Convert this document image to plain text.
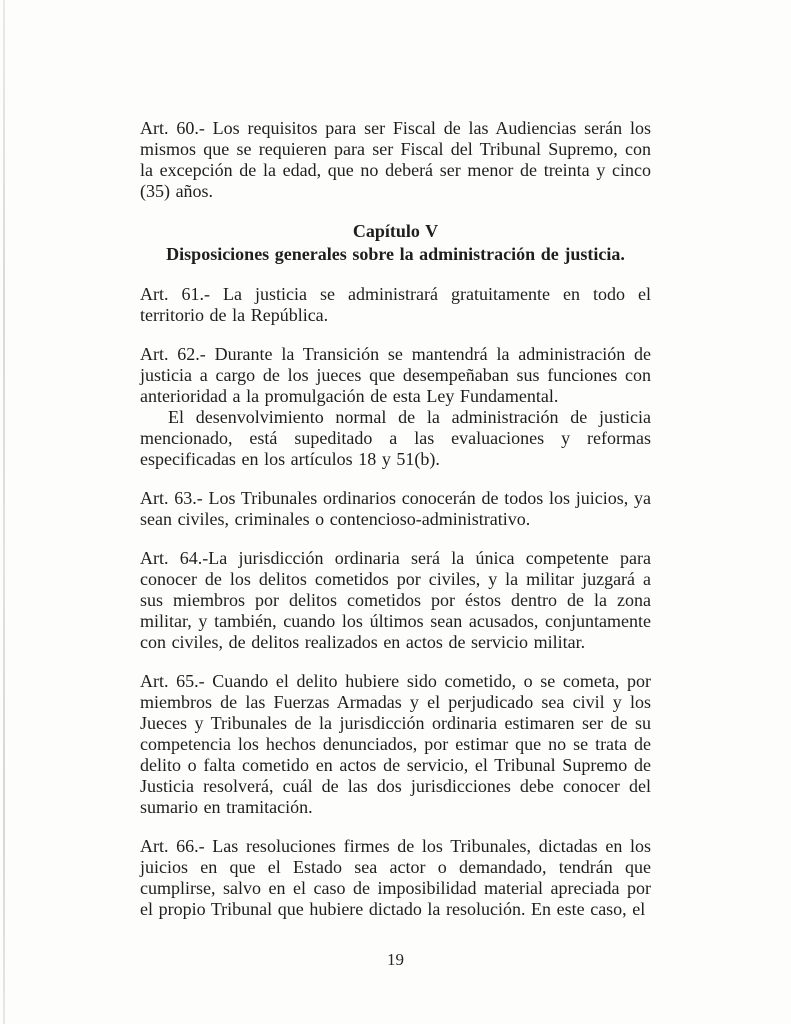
Art. 60.- Los requisitos para ser Fiscal de las Audiencias serán los mismos que se requieren para ser Fiscal del Tribunal Supremo, con la excepción de la edad, que no deberá ser menor de treinta y cinco (35) años.

Capítulo V
Disposiciones generales sobre la administración de justicia.

Art. 61.- La justicia se administrará gratuitamente en todo el territorio de la República.

Art. 62.- Durante la Transición se mantendrá la administración de justicia a cargo de los jueces que desempeñaban sus funciones con anterioridad a la promulgación de esta Ley Fundamental.

El desenvolvimiento normal de la administración de justicia mencionado, está supeditado a las evaluaciones y reformas especificadas en los artículos 18 y 51(b).

Art. 63.- Los Tribunales ordinarios conocerán de todos los juicios, ya sean civiles, criminales o contencioso-administrativo.

Art. 64.-La jurisdicción ordinaria será la única competente para conocer de los delitos cometidos por civiles, y la militar juzgará a sus miembros por delitos cometidos por éstos dentro de la zona militar, y también, cuando los últimos sean acusados, conjuntamente con civiles, de delitos realizados en actos de servicio militar.

Art. 65.- Cuando el delito hubiere sido cometido, o se cometa, por miembros de las Fuerzas Armadas y el perjudicado sea civil y los Jueces y Tribunales de la jurisdicción ordinaria estimaren ser de su competencia los hechos denunciados, por estimar que no se trata de delito o falta cometido en actos de servicio, el Tribunal Supremo de Justicia resolverá, cuál de las dos jurisdicciones debe conocer del sumario en tramitación.

Art. 66.- Las resoluciones firmes de los Tribunales, dictadas en los juicios en que el Estado sea actor o demandado, tendrán que cumplirse, salvo en el caso de imposibilidad material apreciada por el propio Tribunal que hubiere dictado la resolución. En este caso, el

19
